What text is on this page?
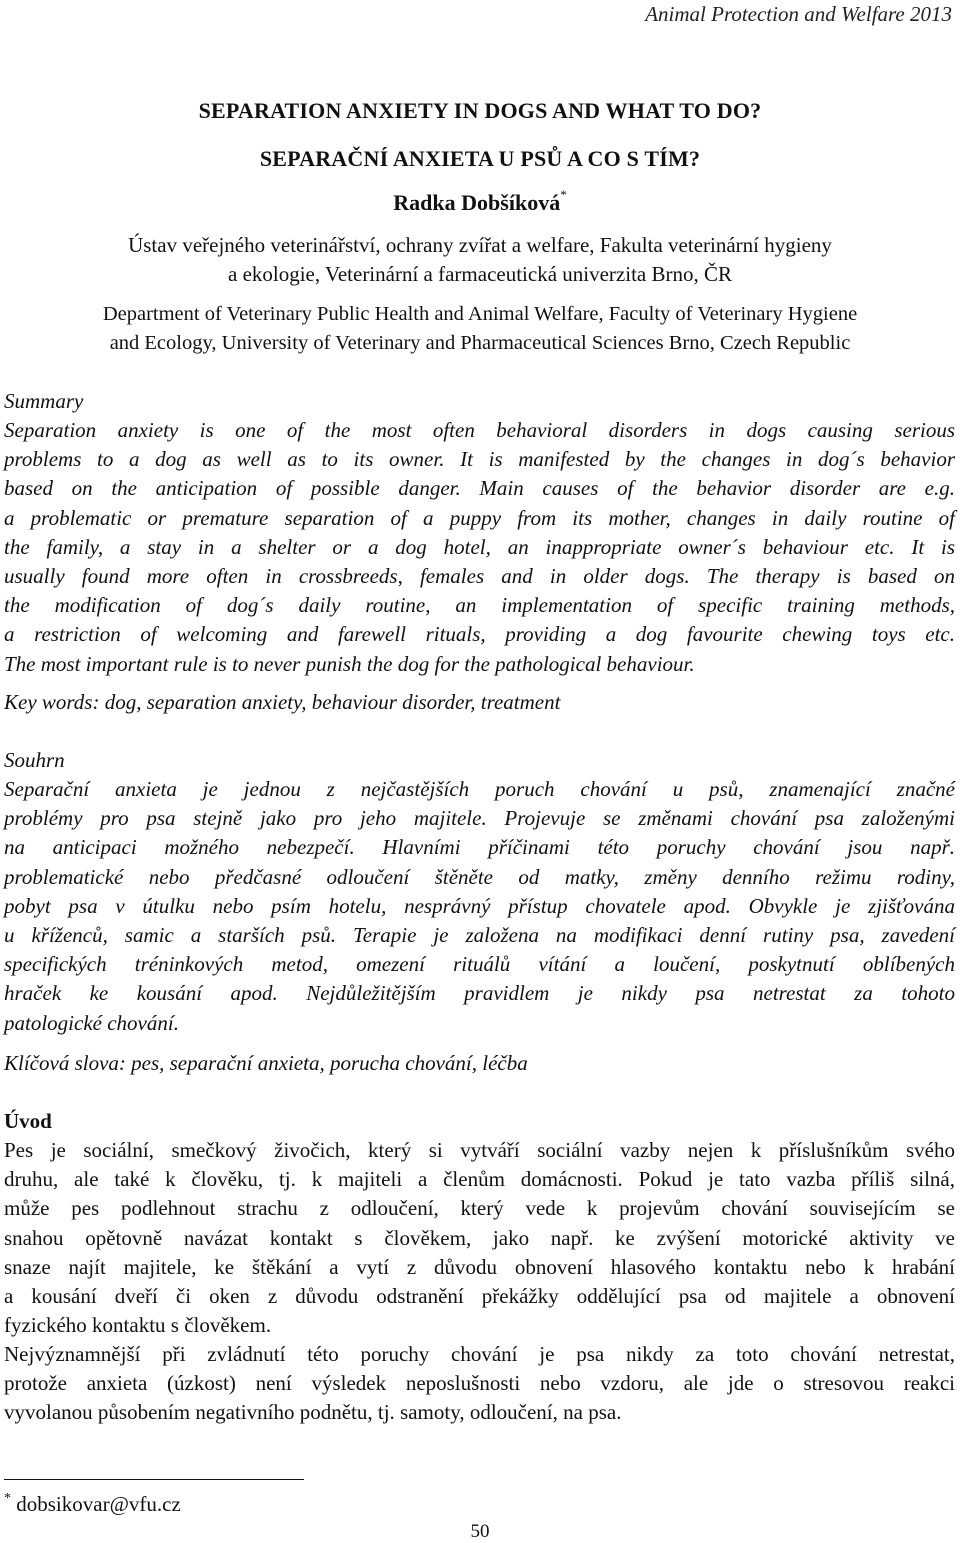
Animal Protection and Welfare 2013
SEPARATION ANXIETY IN DOGS AND WHAT TO DO?
SEPARAČNÍ ANXIETA U PSŮ A CO S TÍM?
Radka Dobšíková*
Ústav veřejného veterinářství, ochrany zvířat a welfare, Fakulta veterinární hygieny
a ekologie, Veterinární a farmaceutická univerzita Brno, ČR
Department of Veterinary Public Health and Animal Welfare, Faculty of Veterinary Hygiene
and Ecology, University of Veterinary and Pharmaceutical Sciences Brno, Czech Republic
Summary
Separation anxiety is one of the most often behavioral disorders in dogs causing serious
problems to a dog as well as to its owner. It is manifested by the changes in dog´s behavior
based on the anticipation of possible danger. Main causes of the behavior disorder are e.g.
a problematic or premature separation of a puppy from its mother, changes in daily routine of
the family, a stay in a shelter or a dog hotel, an inappropriate owner´s behaviour etc. It is
usually found more often in crossbreeds, females and in older dogs. The therapy is based on
the modification of dog´s daily routine, an implementation of specific training methods,
a restriction of welcoming and farewell rituals, providing a dog favourite chewing toys etc.
The most important rule is to never punish the dog for the pathological behaviour.
Key words: dog, separation anxiety, behaviour disorder, treatment
Souhrn
Separační anxieta je jednou z nejčastějších poruch chování u psů, znamenající značné
problémy pro psa stejně jako pro jeho majitele. Projevuje se změnami chování psa založenými
na anticipaci možného nebezpečí. Hlavními příčinami této poruchy chování jsou např.
problematické nebo předčasné odloučení štěněte od matky, změny denního režimu rodiny,
pobyt psa v útulku nebo psím hotelu, nesprávný přístup chovatele apod. Obvykle je zjišťována
u kříženců, samic a starších psů. Terapie je založena na modifikaci denní rutiny psa, zavedení
specifických tréninkových metod, omezení rituálů vítání a loučení, poskytnutí oblíbených
hraček ke kousání apod. Nejdůležitějším pravidlem je nikdy psa netrestat za tohoto
patologické chování.
Klíčová slova: pes, separační anxieta, porucha chování, léčba
Úvod
Pes je sociální, smečkový živočich, který si vytváří sociální vazby nejen k příslušníkům svého
druhu, ale také k člověku, tj. k majiteli a členům domácnosti. Pokud je tato vazba příliš silná,
může pes podlehnout strachu z odloučení, který vede k projevům chování souvisejícím se
snahou opětovně navázat kontakt s člověkem, jako např. ke zvýšení motorické aktivity ve
snaze najít majitele, ke štěkání a vytí z důvodu obnovení hlasového kontaktu nebo k hrabání
a kousání dveří či oken z důvodu odstranění překážky oddělující psa od majitele a obnovení
fyzického kontaktu s člověkem.
Nejvýznamnější při zvládnutí této poruchy chování je psa nikdy za toto chování netrestat,
protože anxieta (úzkost) není výsledek neposlušnosti nebo vzdoru, ale jde o stresovou reakci
vyvolanou působením negativního podnětu, tj. samoty, odloučení, na psa.
* dobsikovar@vfu.cz
50
